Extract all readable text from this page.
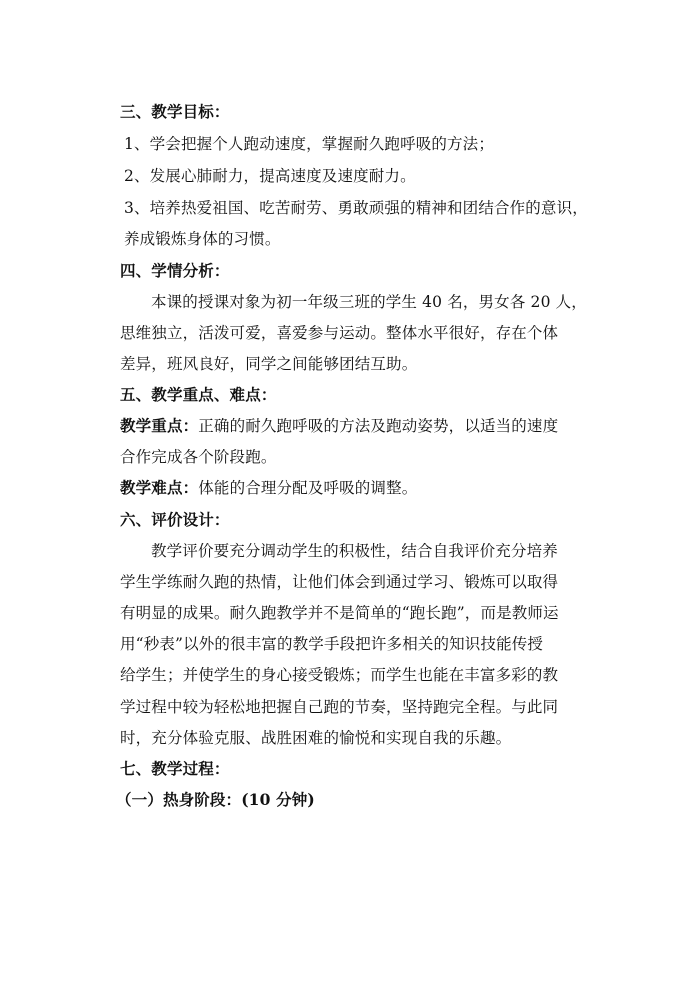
三、教学目标：
1、学会把握个人跑动速度，掌握耐久跑呼吸的方法；
2、发展心肺耐力，提高速度及速度耐力。
3、培养热爱祖国、吃苦耐劳、勇敢顽强的精神和团结合作的意识，
养成锻炼身体的习惯。
四、学情分析：
本课的授课对象为初一年级三班的学生 40 名，男女各 20 人，
思维独立，活泼可爱，喜爱参与运动。整体水平很好，存在个体
差异，班风良好，同学之间能够团结互助。
五、教学重点、难点：
教学重点：正确的耐久跑呼吸的方法及跑动姿势，以适当的速度
合作完成各个阶段跑。
教学难点：体能的合理分配及呼吸的调整。
六、评价设计：
教学评价要充分调动学生的积极性，结合自我评价充分培养
学生学练耐久跑的热情，让他们体会到通过学习、锻炼可以取得
有明显的成果。耐久跑教学并不是简单的“跑长跑”，而是教师运
用“秒表”以外的很丰富的教学手段把许多相关的知识技能传授
给学生；并使学生的身心接受锻炼；而学生也能在丰富多彩的教
学过程中较为轻松地把握自己跑的节奏，坚持跑完全程。与此同
时，充分体验克服、战胜困难的愉悦和实现自我的乐趣。
七、教学过程：
（一）热身阶段：(10 分钟)
